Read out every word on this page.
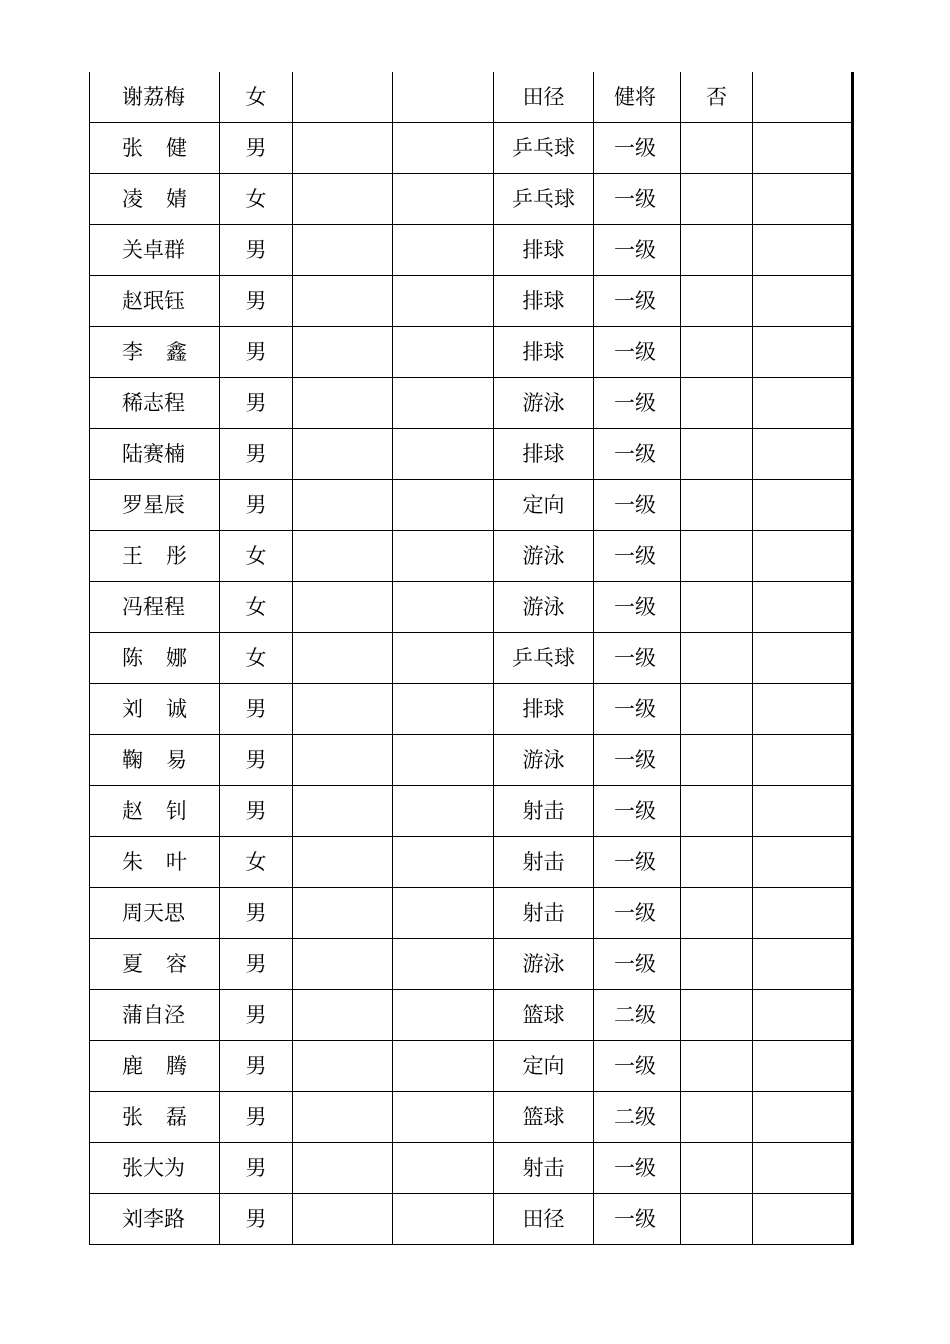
谢荔梅	女			田径	健将	否	
张 健	男			乒乓球	一级		
凌 婧	女			乒乓球	一级		
关卓群	男			排球	一级		
赵珉钰	男			排球	一级		
李 鑫	男			排球	一级		
稀志程	男			游泳	一级		
陆赛楠	男			排球	一级		
罗星辰	男			定向	一级		
王 彤	女			游泳	一级		
冯程程	女			游泳	一级		
陈 娜	女			乒乓球	一级		
刘 诚	男			排球	一级		
鞠 易	男			游泳	一级		
赵 钊	男			射击	一级		
朱 叶	女			射击	一级		
周天思	男			射击	一级		
夏 容	男			游泳	一级		
蒲自泾	男			篮球	二级		
鹿 腾	男			定向	一级		
张 磊	男			篮球	二级		
张大为	男			射击	一级		
刘李路	男			田径	一级		
